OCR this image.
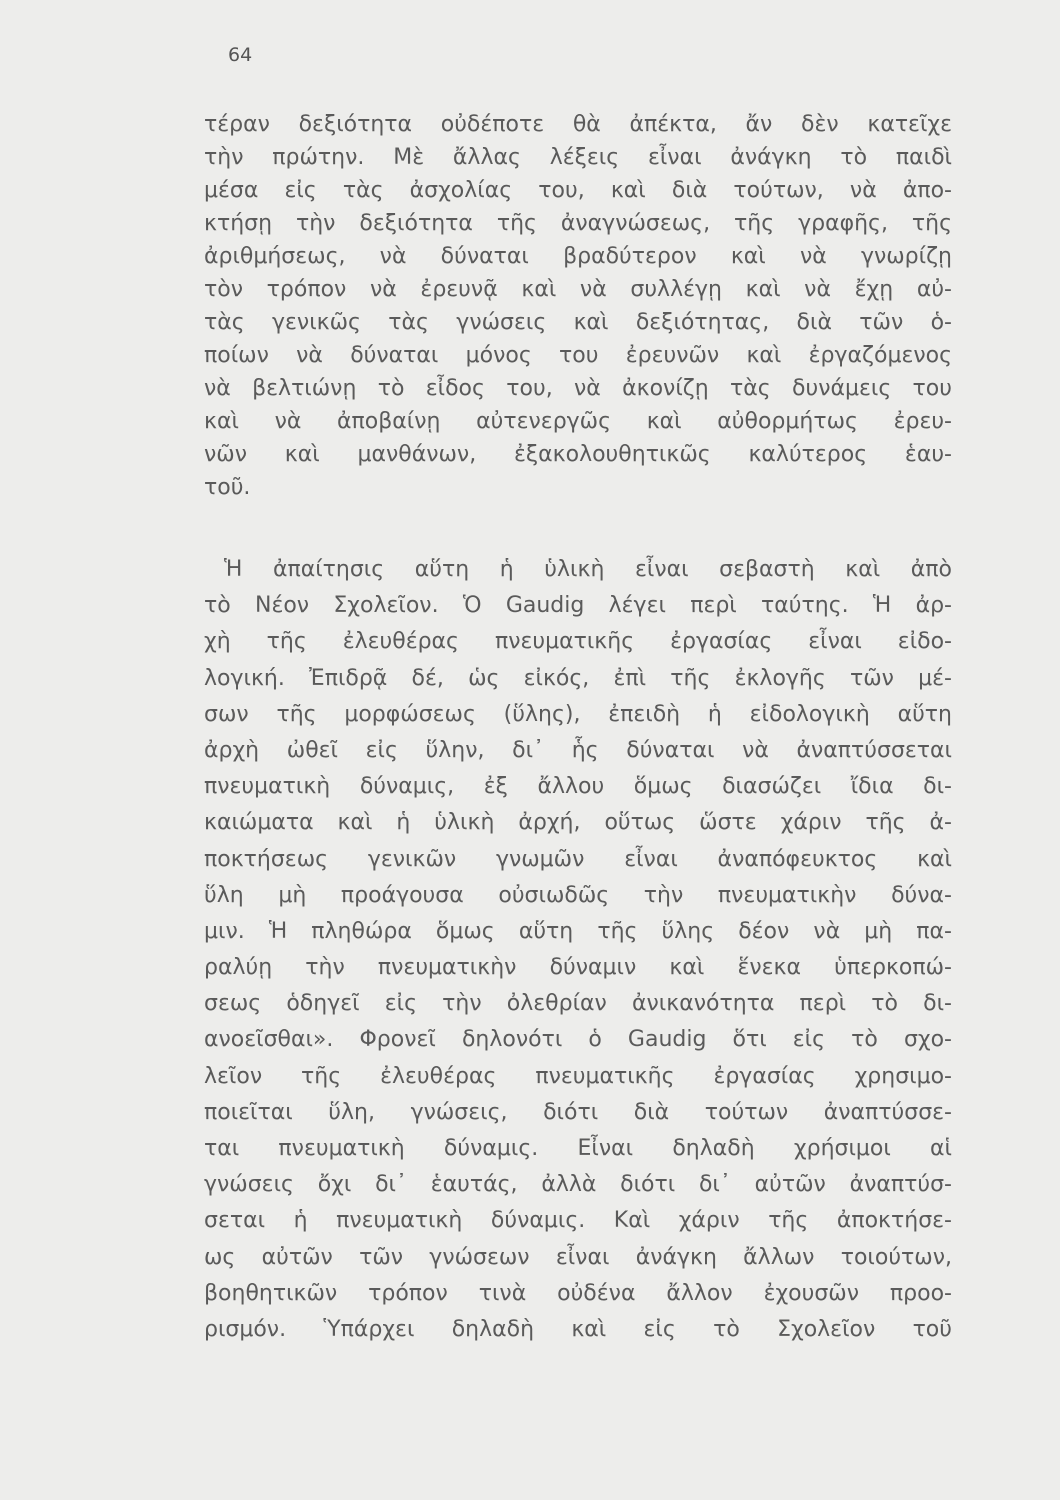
64
τέραν δεξιότητα οὐδέποτε θὰ ἀπέκτα, ἄν δὲν κατεῖχε
τὴν πρώτην. Μὲ ἄλλας λέξεις εἶναι ἀνάγκη τὸ παιδὶ
μέσα εἰς τὰς ἀσχολίας του, καὶ διὰ τούτων, νὰ ἀπο-
κτήσῃ τὴν δεξιότητα τῆς ἀναγνώσεως, τῆς γραφῆς, τῆς
ἀριθμήσεως, νὰ δύναται βραδύτερον καὶ νὰ γνωρίζῃ
τὸν τρόπον νὰ ἐρευνᾷ καὶ νὰ συλλέγῃ καὶ νὰ ἔχῃ αὐ-
τὰς γενικῶς τὰς γνώσεις καὶ δεξιότητας, διὰ τῶν ὁ-
ποίων νὰ δύναται μόνος του ἐρευνῶν καὶ ἐργαζόμενος
νὰ βελτιώνῃ τὸ εἶδος του, νὰ ἀκονίζῃ τὰς δυνάμεις του
καὶ νὰ ἀποβαίνῃ αὐτενεργῶς καὶ αὐθορμήτως ἐρευ-
νῶν καὶ μανθάνων, ἐξακολουθητικῶς καλύτερος ἑαυ-
τοῦ.
Ἡ ἀπαίτησις αὕτη ἡ ὑλικὴ εἶναι σεβαστὴ καὶ ἀπὸ
τὸ Νέον Σχολεῖον. Ὁ Gaudig λέγει περὶ ταύτης. Ἡ ἀρ-
χὴ τῆς ἐλευθέρας πνευματικῆς ἐργασίας εἶναι εἰδο-
λογική. Ἐπιδρᾷ δέ, ὡς εἰκός, ἐπὶ τῆς ἐκλογῆς τῶν μέ-
σων τῆς μορφώσεως (ὕλης), ἐπειδὴ ἡ εἰδολογικὴ αὕτη
ἀρχὴ ὠθεῖ εἰς ὕλην, δι᾿ ἧς δύναται νὰ ἀναπτύσσεται
πνευματικὴ δύναμις, ἐξ ἄλλου ὅμως διασώζει ἴδια δι-
καιώματα καὶ ἡ ὑλικὴ ἀρχή, οὕτως ὥστε χάριν τῆς ἀ-
ποκτήσεως γενικῶν γνωμῶν εἶναι ἀναπόφευκτος καὶ
ὕλη μὴ προάγουσα οὐσιωδῶς τὴν πνευματικὴν δύνα-
μιν. Ἡ πληθώρα ὅμως αὕτη τῆς ὕλης δέον νὰ μὴ πα-
ραλύῃ τὴν πνευματικὴν δύναμιν καὶ ἕνεκα ὑπερκοπώ-
σεως ὁδηγεῖ εἰς τὴν ὀλεθρίαν ἀνικανότητα περὶ τὸ δι-
ανοεῖσθαι». Φρονεῖ δηλονότι ὁ Gaudig ὅτι εἰς τὸ σχο-
λεῖον τῆς ἐλευθέρας πνευματικῆς ἐργασίας χρησιμο-
ποιεῖται ὕλη, γνώσεις, διότι διὰ τούτων ἀναπτύσσε-
ται πνευματικὴ δύναμις. Εἶναι δηλαδὴ χρήσιμοι αἱ
γνώσεις ὄχι δι᾿ ἑαυτάς, ἀλλὰ διότι δι᾿ αὐτῶν ἀναπτύσ-
σεται ἡ πνευματικὴ δύναμις. Καὶ χάριν τῆς ἀποκτήσε-
ως αὐτῶν τῶν γνώσεων εἶναι ἀνάγκη ἄλλων τοιούτων,
βοηθητικῶν τρόπον τινὰ οὐδένα ἄλλον ἐχουσῶν προο-
ρισμόν. Ὑπάρχει δηλαδὴ καὶ εἰς τὸ Σχολεῖον τοῦ
